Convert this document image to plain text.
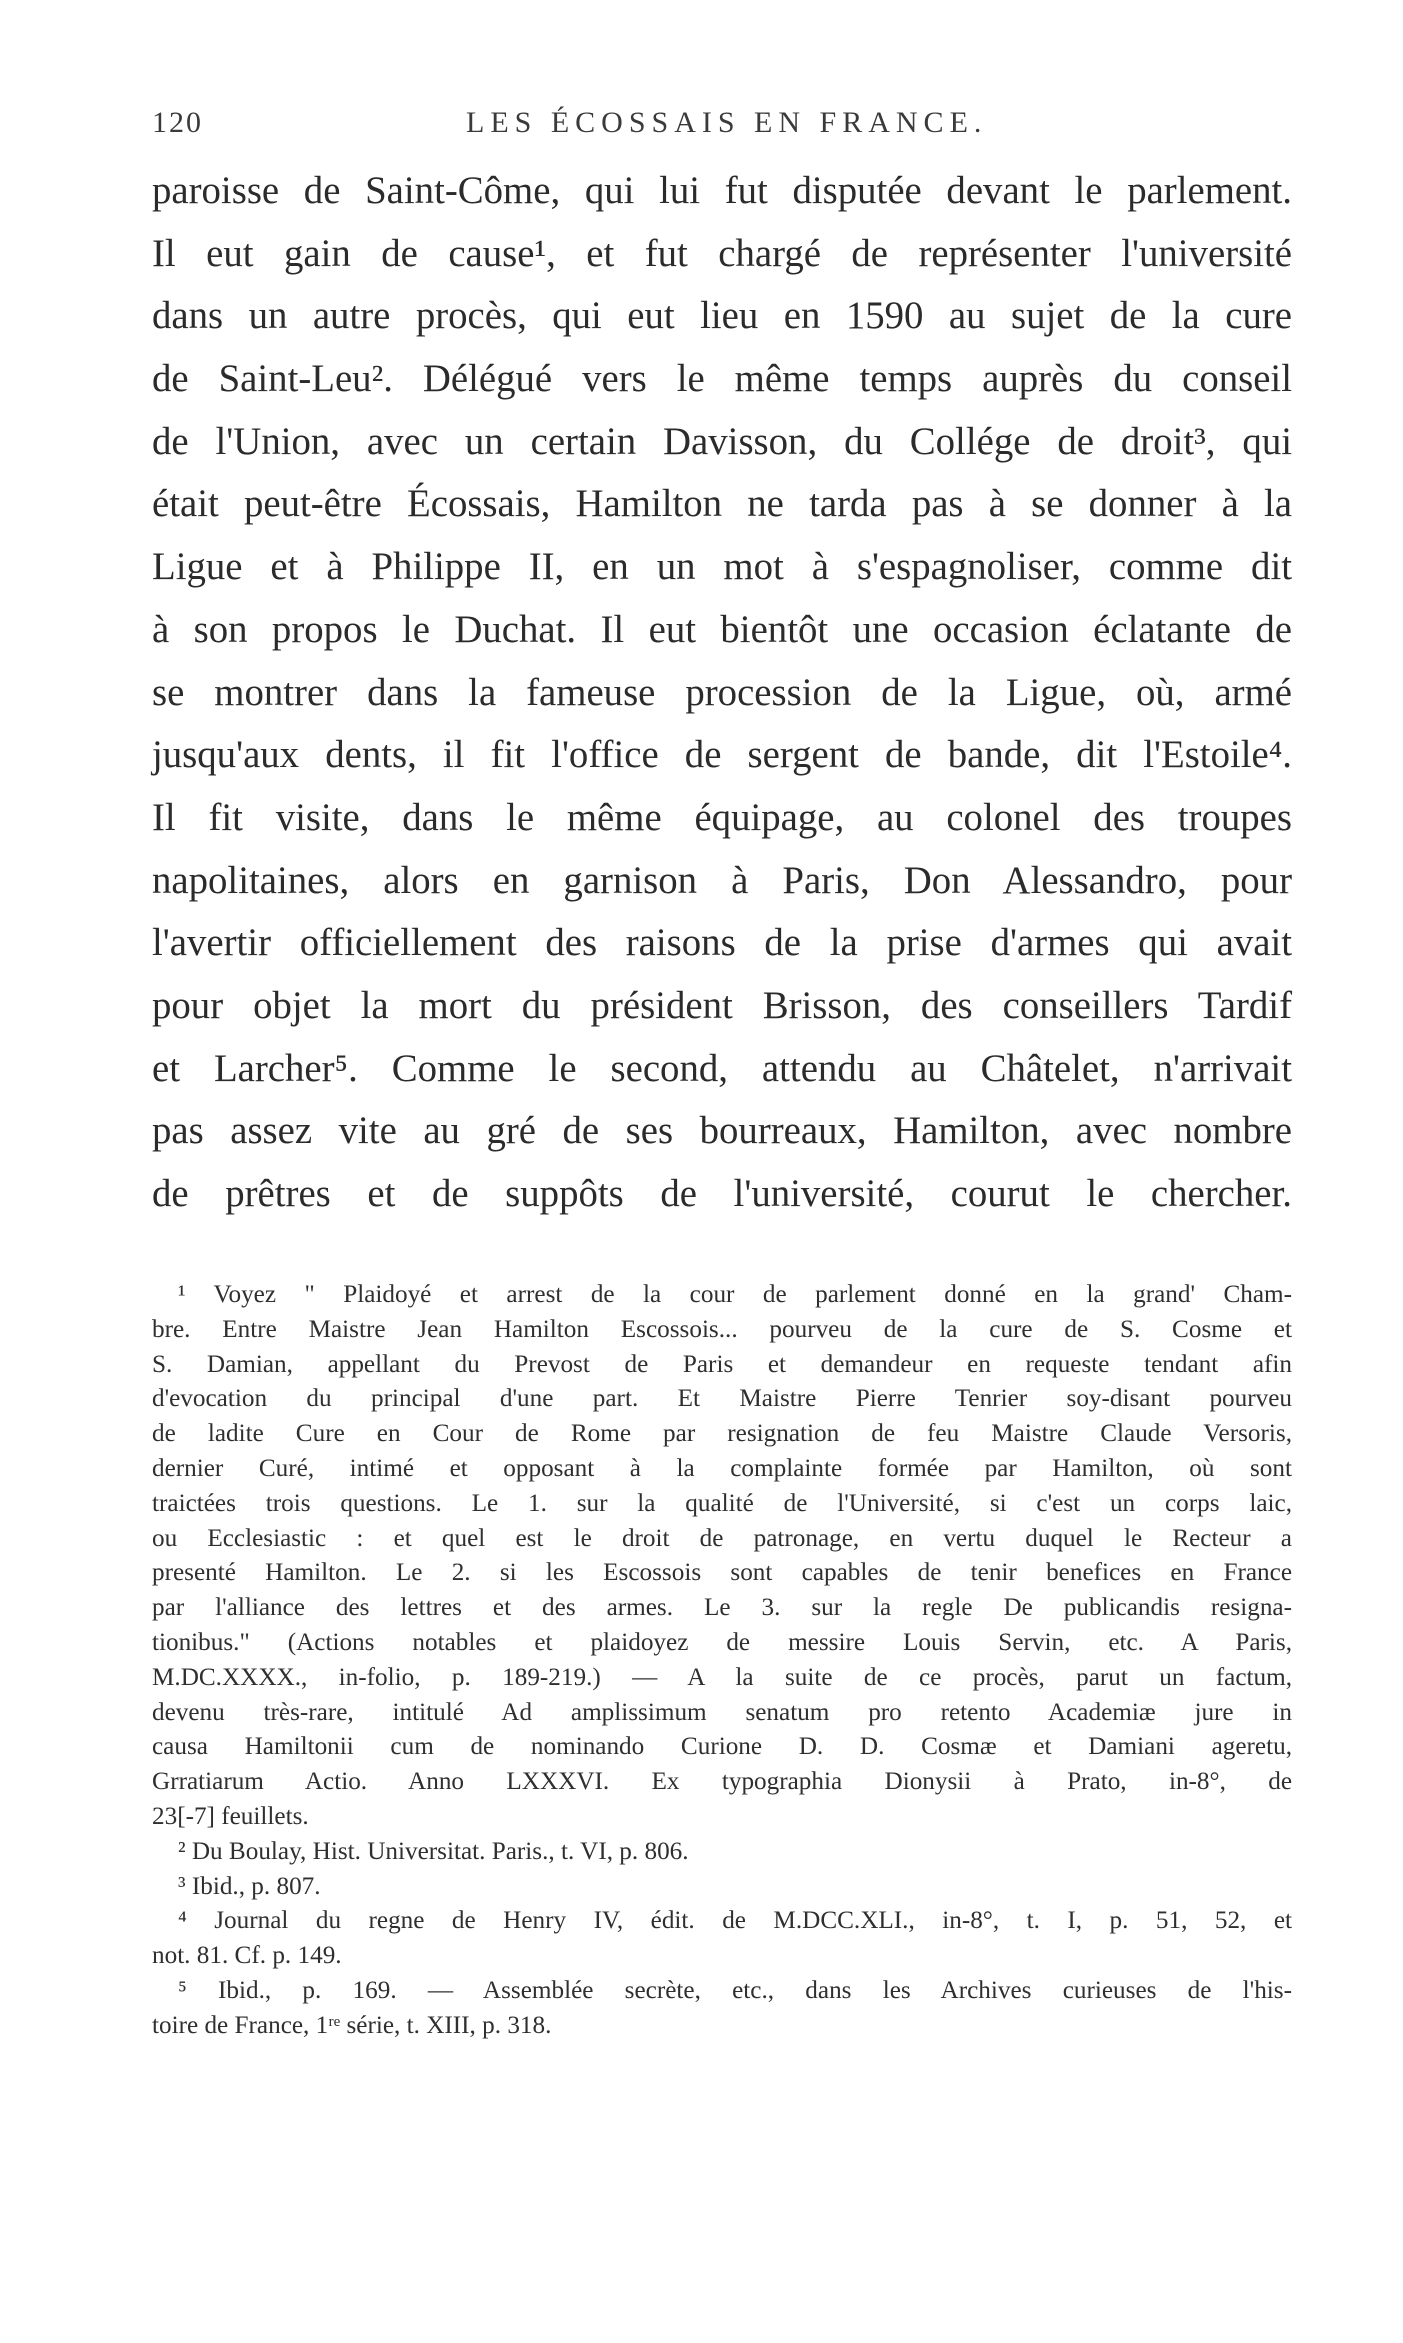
120	LES ÉCOSSAIS EN FRANCE.
paroisse de Saint-Côme, qui lui fut disputée devant le parlement.
Il eut gain de cause¹, et fut chargé de représenter l'université
dans un autre procès, qui eut lieu en 1590 au sujet de la cure
de Saint-Leu². Délégué vers le même temps auprès du conseil
de l'Union, avec un certain Davisson, du Collége de droit³, qui
était peut-être Écossais, Hamilton ne tarda pas à se donner à la
Ligue et à Philippe II, en un mot à s'espagnoliser, comme dit
à son propos le Duchat. Il eut bientôt une occasion éclatante de
se montrer dans la fameuse procession de la Ligue, où, armé
jusqu'aux dents, il fit l'office de sergent de bande, dit l'Estoile⁴.
Il fit visite, dans le même équipage, au colonel des troupes
napolitaines, alors en garnison à Paris, Don Alessandro, pour
l'avertir officiellement des raisons de la prise d'armes qui avait
pour objet la mort du président Brisson, des conseillers Tardif
et Larcher⁵. Comme le second, attendu au Châtelet, n'arrivait
pas assez vite au gré de ses bourreaux, Hamilton, avec nombre
de prêtres et de suppôts de l'université, courut le chercher.
¹ Voyez " Plaidoyé et arrest de la cour de parlement donné en la grand' Cham-
bre. Entre Maistre Jean Hamilton Escossois... pourveu de la cure de S. Cosme et
S. Damian, appellant du Prevost de Paris et demandeur en requeste tendant afin
d'evocation du principal d'une part. Et Maistre Pierre Tenrier soy-disant pourveu
de ladite Cure en Cour de Rome par resignation de feu Maistre Claude Versoris,
dernier Curé, intimé et opposant à la complainte formée par Hamilton, où sont
traictées trois questions. Le 1. sur la qualité de l'Université, si c'est un corps laic,
ou Ecclesiastic : et quel est le droit de patronage, en vertu duquel le Recteur a
presenté Hamilton. Le 2. si les Escossois sont capables de tenir benefices en France
par l'alliance des lettres et des armes. Le 3. sur la regle De publicandis resigna-
tionibus." (Actions notables et plaidoyez de messire Louis Servin, etc. A Paris,
M.DC.XXXX., in-folio, p. 189-219.) — A la suite de ce procès, parut un factum,
devenu très-rare, intitulé Ad amplissimum senatum pro retento Academiæ jure in
causa Hamiltonii cum de nominando Curione D. D. Cosmæ et Damiani ageretu,
Grratiarum Actio. Anno LXXXVI. Ex typographia Dionysii à Prato, in-8°, de
23[-7] feuillets.
² Du Boulay, Hist. Universitat. Paris., t. VI, p. 806.
³ Ibid., p. 807.
⁴ Journal du regne de Henry IV, édit. de M.DCC.XLI., in-8°, t. I, p. 51, 52, et
not. 81. Cf. p. 149.
⁵ Ibid., p. 169. — Assemblée secrète, etc., dans les Archives curieuses de l'his-
toire de France, 1ʳᵉ série, t. XIII, p. 318.
